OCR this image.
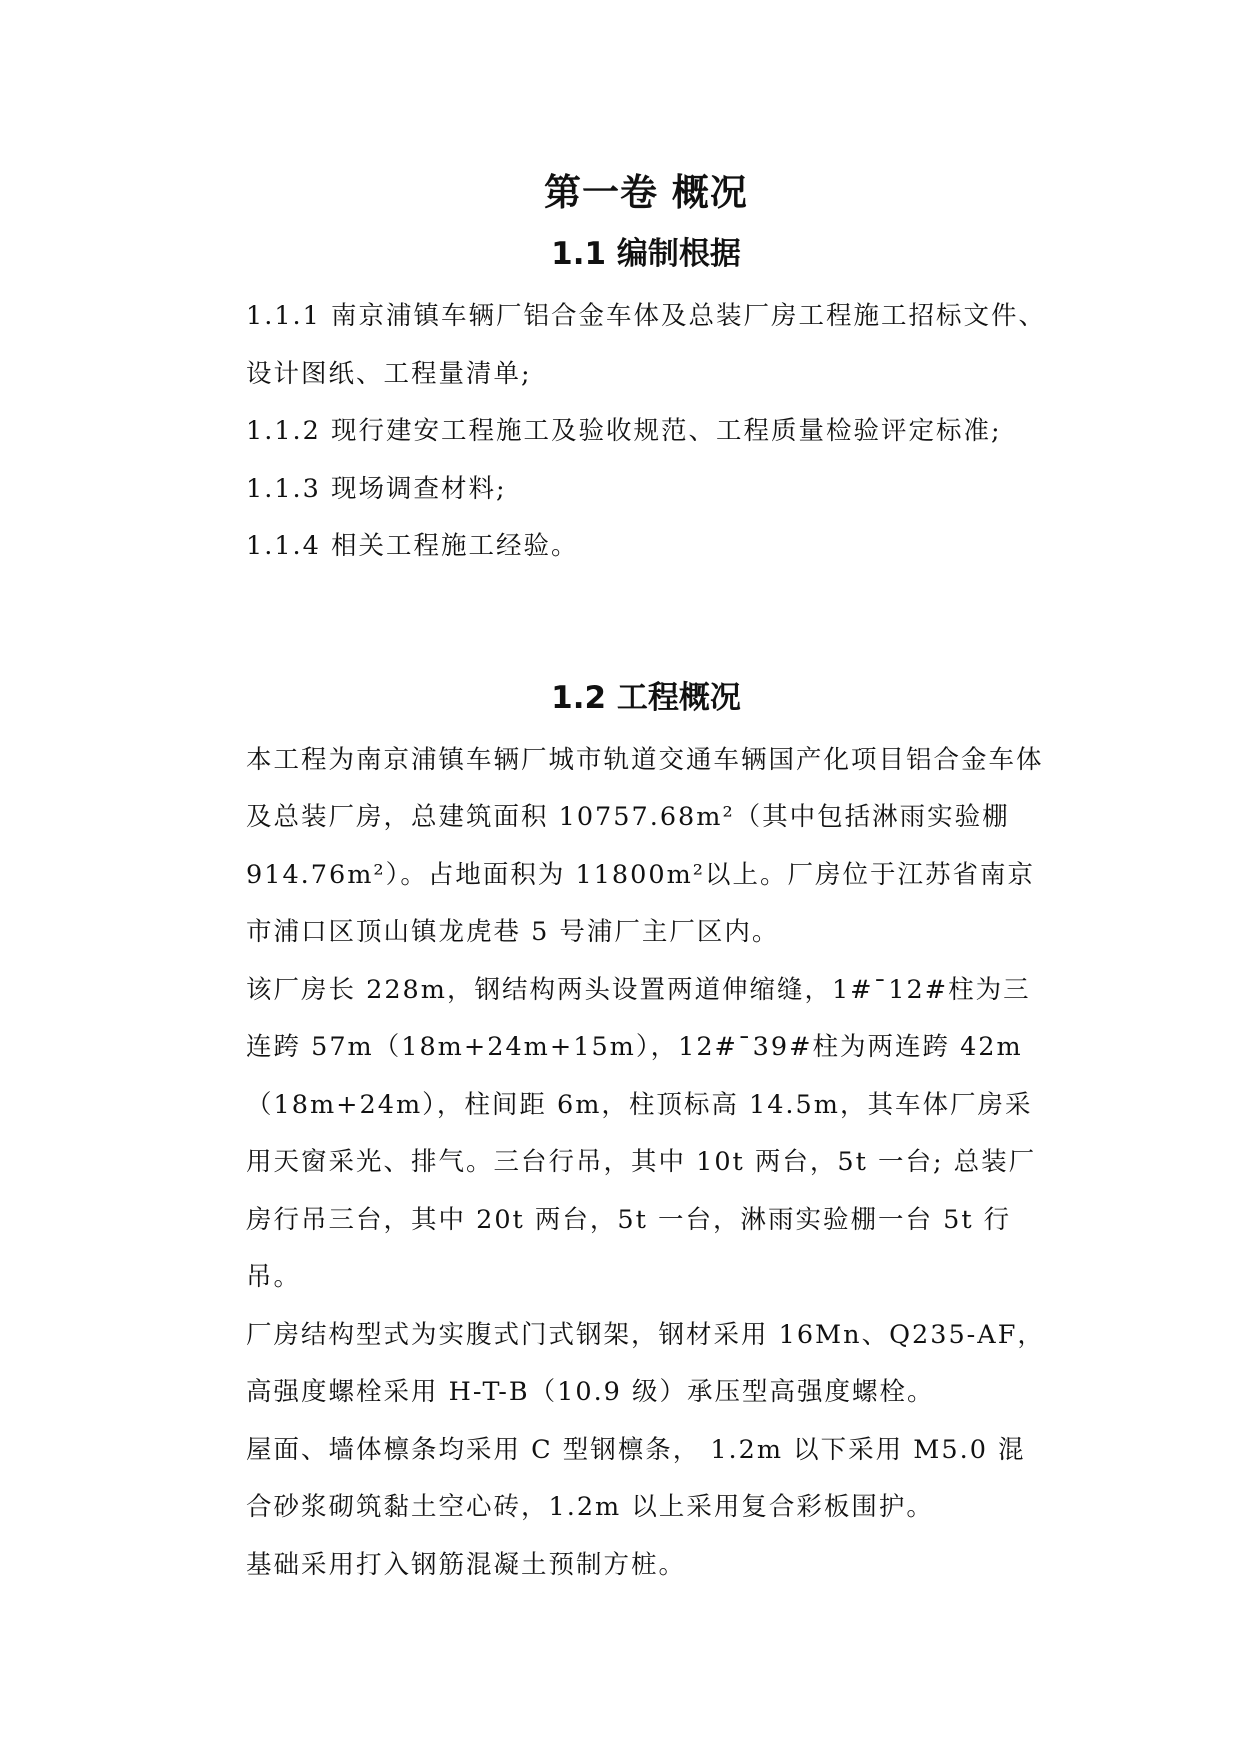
第一卷 概况
1.1 编制根据

1.1.1 南京浦镇车辆厂铝合金车体及总装厂房工程施工招标文件、设计图纸、工程量清单;

1.1.2 现行建安工程施工及验收规范、工程质量检验评定标准;

1.1.3 现场调查材料;

1.1.4 相关工程施工经验。

1.2 工程概况

本工程为南京浦镇车辆厂城市轨道交通车辆国产化项目铝合金车体及总装厂房，总建筑面积 10757.68m²（其中包括淋雨实验棚 914.76m²）。占地面积为 11800m²以上。厂房位于江苏省南京市浦口区顶山镇龙虎巷 5 号浦厂主厂区内。

该厂房长 228m，钢结构两头设置两道伸缩缝，1#¯12#柱为三连跨 57m（18m+24m+15m），12#¯39#柱为两连跨 42m（18m+24m），柱间距 6m，柱顶标高 14.5m，其车体厂房采用天窗采光、排气。三台行吊，其中 10t 两台，5t 一台; 总装厂房行吊三台，其中 20t 两台，5t 一台，淋雨实验棚一台 5t 行吊。

厂房结构型式为实腹式门式钢架，钢材采用 16Mn、Q235-AF，高强度螺栓采用 H-T-B（10.9 级）承压型高强度螺栓。

屋面、墙体檩条均采用 C 型钢檩条， 1.2m 以下采用 M5.0 混合砂浆砌筑黏土空心砖，1.2m 以上采用复合彩板围护。

基础采用打入钢筋混凝土预制方桩。
